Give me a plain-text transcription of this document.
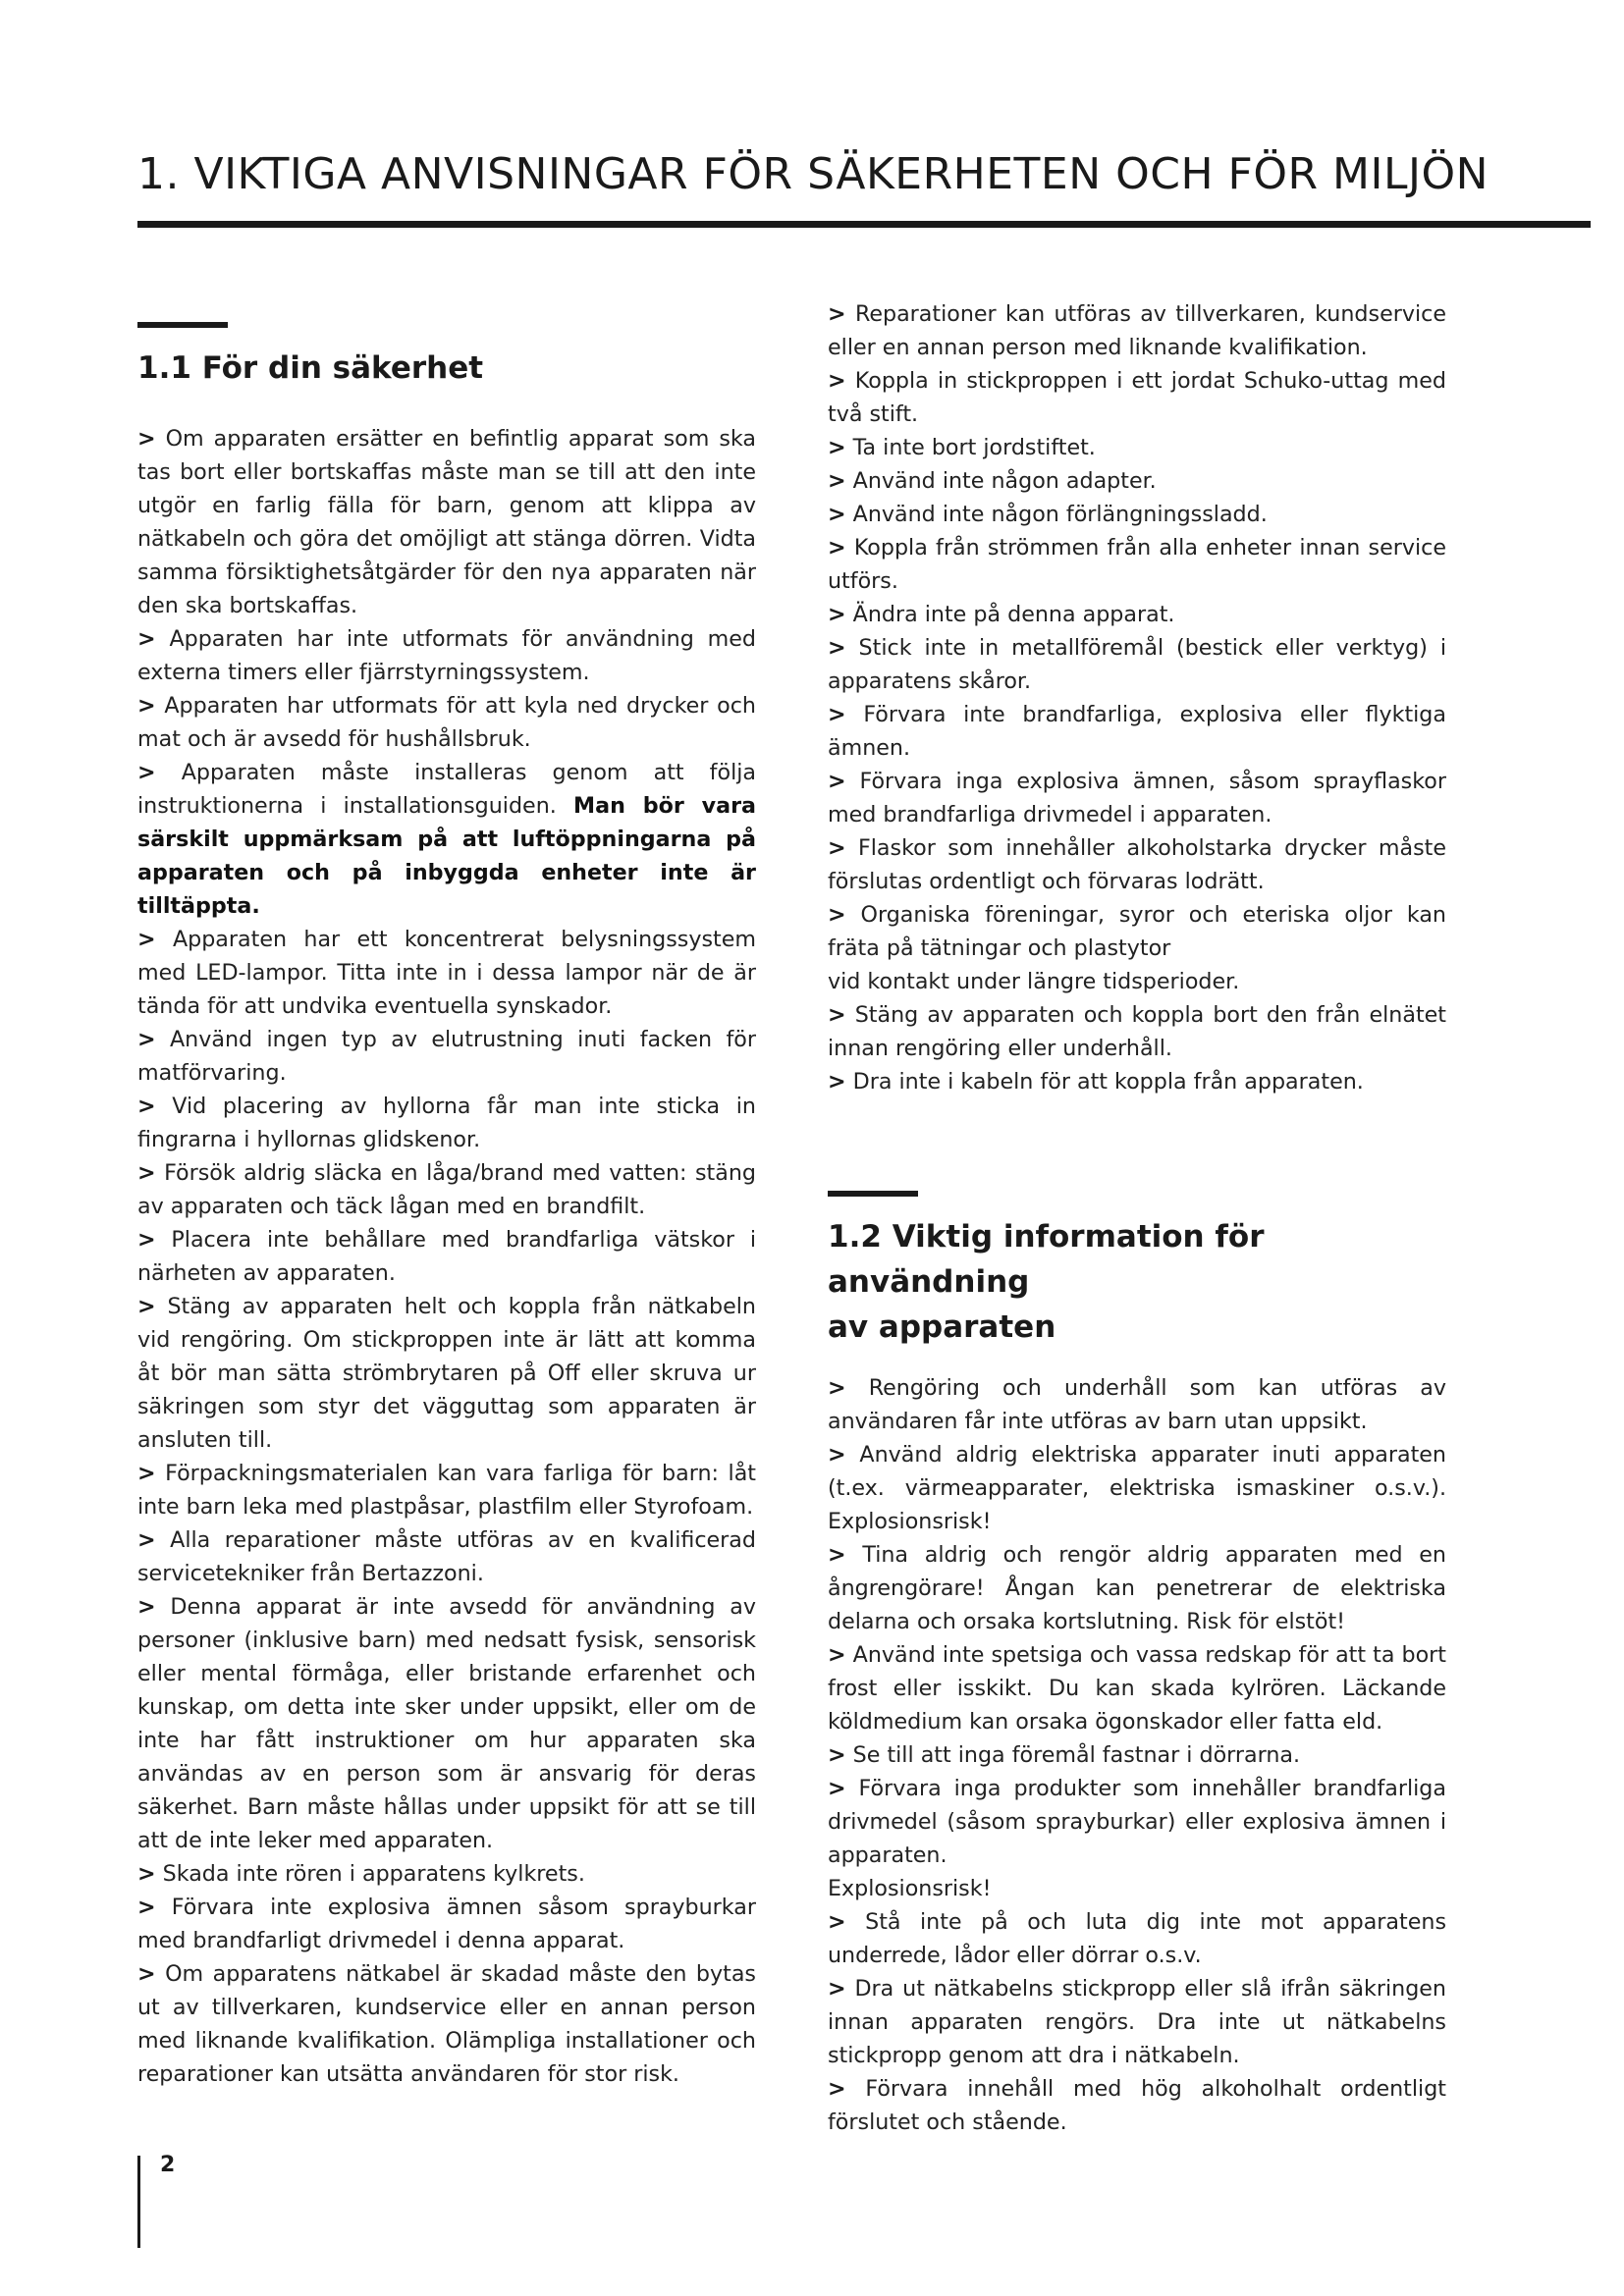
1. VIKTIGA ANVISNINGAR FÖR SÄKERHETEN OCH FÖR MILJÖN
1.1 För din säkerhet

> Om apparaten ersätter en befintlig apparat som ska tas bort eller bortskaffas måste man se till att den inte utgör en farlig fälla för barn, genom att klippa av nätkabeln och göra det omöjligt att stänga dörren. Vidta samma försiktighetsåtgärder för den nya apparaten när den ska bortskaffas.

> Apparaten har inte utformats för användning med externa timers eller fjärrstyrningssystem.

> Apparaten har utformats för att kyla ned drycker och mat och är avsedd för hushållsbruk.

> Apparaten måste installeras genom att följa instruktionerna i installationsguiden. Man bör vara särskilt uppmärksam på att luftöppningarna på apparaten och på inbyggda enheter inte är tilltäppta.

> Apparaten har ett koncentrerat belysningssystem med LED-lampor. Titta inte in i dessa lampor när de är tända för att undvika eventuella synskador.

> Använd ingen typ av elutrustning inuti facken för matförvaring.

> Vid placering av hyllorna får man inte sticka in fingrarna i hyllornas glidskenor.

> Försök aldrig släcka en låga/brand med vatten: stäng av apparaten och täck lågan med en brandfilt.

> Placera inte behållare med brandfarliga vätskor i närheten av apparaten.

> Stäng av apparaten helt och koppla från nätkabeln vid rengöring. Om stickproppen inte är lätt att komma åt bör man sätta strömbrytaren på Off eller skruva ur säkringen som styr det vägguttag som apparaten är ansluten till.

> Förpackningsmaterialen kan vara farliga för barn: låt inte barn leka med plastpåsar, plastfilm eller Styrofoam.

> Alla reparationer måste utföras av en kvalificerad servicetekniker från Bertazzoni.

> Denna apparat är inte avsedd för användning av personer (inklusive barn) med nedsatt fysisk, sensorisk eller mental förmåga, eller bristande erfarenhet och kunskap, om detta inte sker under uppsikt, eller om de inte har fått instruktioner om hur apparaten ska användas av en person som är ansvarig för deras säkerhet. Barn måste hållas under uppsikt för att se till att de inte leker med apparaten.

> Skada inte rören i apparatens kylkrets.

> Förvara inte explosiva ämnen såsom sprayburkar med brandfarligt drivmedel i denna apparat.

> Om apparatens nätkabel är skadad måste den bytas ut av tillverkaren, kundservice eller en annan person med liknande kvalifikation. Olämpliga installationer och reparationer kan utsätta användaren för stor risk.

> Reparationer kan utföras av tillverkaren, kundservice eller en annan person med liknande kvalifikation.

> Koppla in stickproppen i ett jordat Schuko-uttag med två stift.

> Ta inte bort jordstiftet.

> Använd inte någon adapter.

> Använd inte någon förlängningssladd.

> Koppla från strömmen från alla enheter innan service utförs.

> Ändra inte på denna apparat.

> Stick inte in metallföremål (bestick eller verktyg) i apparatens skåror.

> Förvara inte brandfarliga, explosiva eller flyktiga ämnen.

> Förvara inga explosiva ämnen, såsom sprayflaskor med brandfarliga drivmedel i apparaten.

> Flaskor som innehåller alkoholstarka drycker måste förslutas ordentligt och förvaras lodrätt.

> Organiska föreningar, syror och eteriska oljor kan fräta på tätningar och plastytor

vid kontakt under längre tidsperioder.

> Stäng av apparaten och koppla bort den från elnätet innan rengöring eller underhåll.

> Dra inte i kabeln för att koppla från apparaten.

1.2 Viktig information för användning
av apparaten

> Rengöring och underhåll som kan utföras av användaren får inte utföras av barn utan uppsikt.

> Använd aldrig elektriska apparater inuti apparaten (t.ex. värmeapparater, elektriska ismaskiner o.s.v.). Explosionsrisk!

> Tina aldrig och rengör aldrig apparaten med en ångrengörare! Ångan kan penetrerar de elektriska delarna och orsaka kortslutning. Risk för elstöt!

> Använd inte spetsiga och vassa redskap för att ta bort frost eller isskikt. Du kan skada kylrören. Läckande köldmedium kan orsaka ögonskador eller fatta eld.

> Se till att inga föremål fastnar i dörrarna.

> Förvara inga produkter som innehåller brandfarliga drivmedel (såsom sprayburkar) eller explosiva ämnen i apparaten.

Explosionsrisk!

> Stå inte på och luta dig inte mot apparatens underrede, lådor eller dörrar o.s.v.

> Dra ut nätkabelns stickpropp eller slå ifrån säkringen innan apparaten rengörs. Dra inte ut nätkabelns stickpropp genom att dra i nätkabeln.

> Förvara innehåll med hög alkoholhalt ordentligt förslutet och stående.

2
